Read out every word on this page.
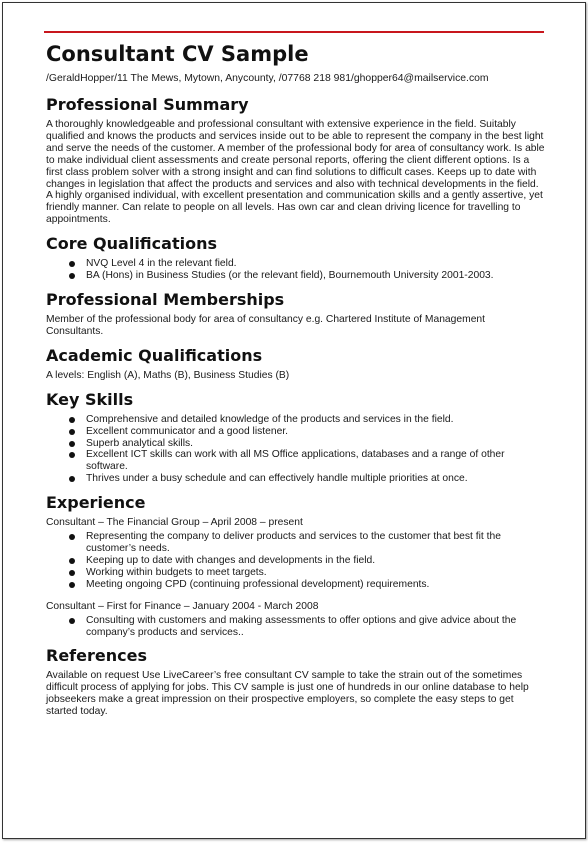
Consultant CV Sample
/GeraldHopper/11 The Mews, Mytown, Anycounty, /07768 218 981/ghopper64@mailservice.com
Professional Summary

A thoroughly knowledgeable and professional consultant with extensive experience in the field. Suitably qualified and knows the products and services inside out to be able to represent the company in the best light and serve the needs of the customer. A member of the professional body for area of consultancy work. Is able to make individual client assessments and create personal reports, offering the client different options. Is a first class problem solver with a strong insight and can find solutions to difficult cases. Keeps up to date with changes in legislation that affect the products and services and also with technical developments in the field. A highly organised individual, with excellent presentation and communication skills and a gently assertive, yet friendly manner. Can relate to people on all levels. Has own car and clean driving licence for travelling to appointments.

Core Qualifications
NVQ Level 4 in the relevant field.
BA (Hons) in Business Studies (or the relevant field), Bournemouth University 2001-2003.
Professional Memberships

Member of the professional body for area of consultancy e.g. Chartered Institute of Management Consultants.

Academic Qualifications

A levels: English (A), Maths (B), Business Studies (B)

Key Skills
Comprehensive and detailed knowledge of the products and services in the field.
Excellent communicator and a good listener.
Superb analytical skills.
Excellent ICT skills can work with all MS Office applications, databases and a range of other software.
Thrives under a busy schedule and can effectively handle multiple priorities at once.
Experience
Consultant – The Financial Group – April 2008 – present
Representing the company to deliver products and services to the customer that best fit the customer’s needs.
Keeping up to date with changes and developments in the field.
Working within budgets to meet targets.
Meeting ongoing CPD (continuing professional development) requirements.
Consultant – First for Finance – January 2004 - March 2008
Consulting with customers and making assessments to offer options and give advice about the company’s products and services..
References

Available on request Use LiveCareer’s free consultant CV sample to take the strain out of the sometimes difficult process of applying for jobs. This CV sample is just one of hundreds in our online database to help jobseekers make a great impression on their prospective employers, so complete the easy steps to get started today.
